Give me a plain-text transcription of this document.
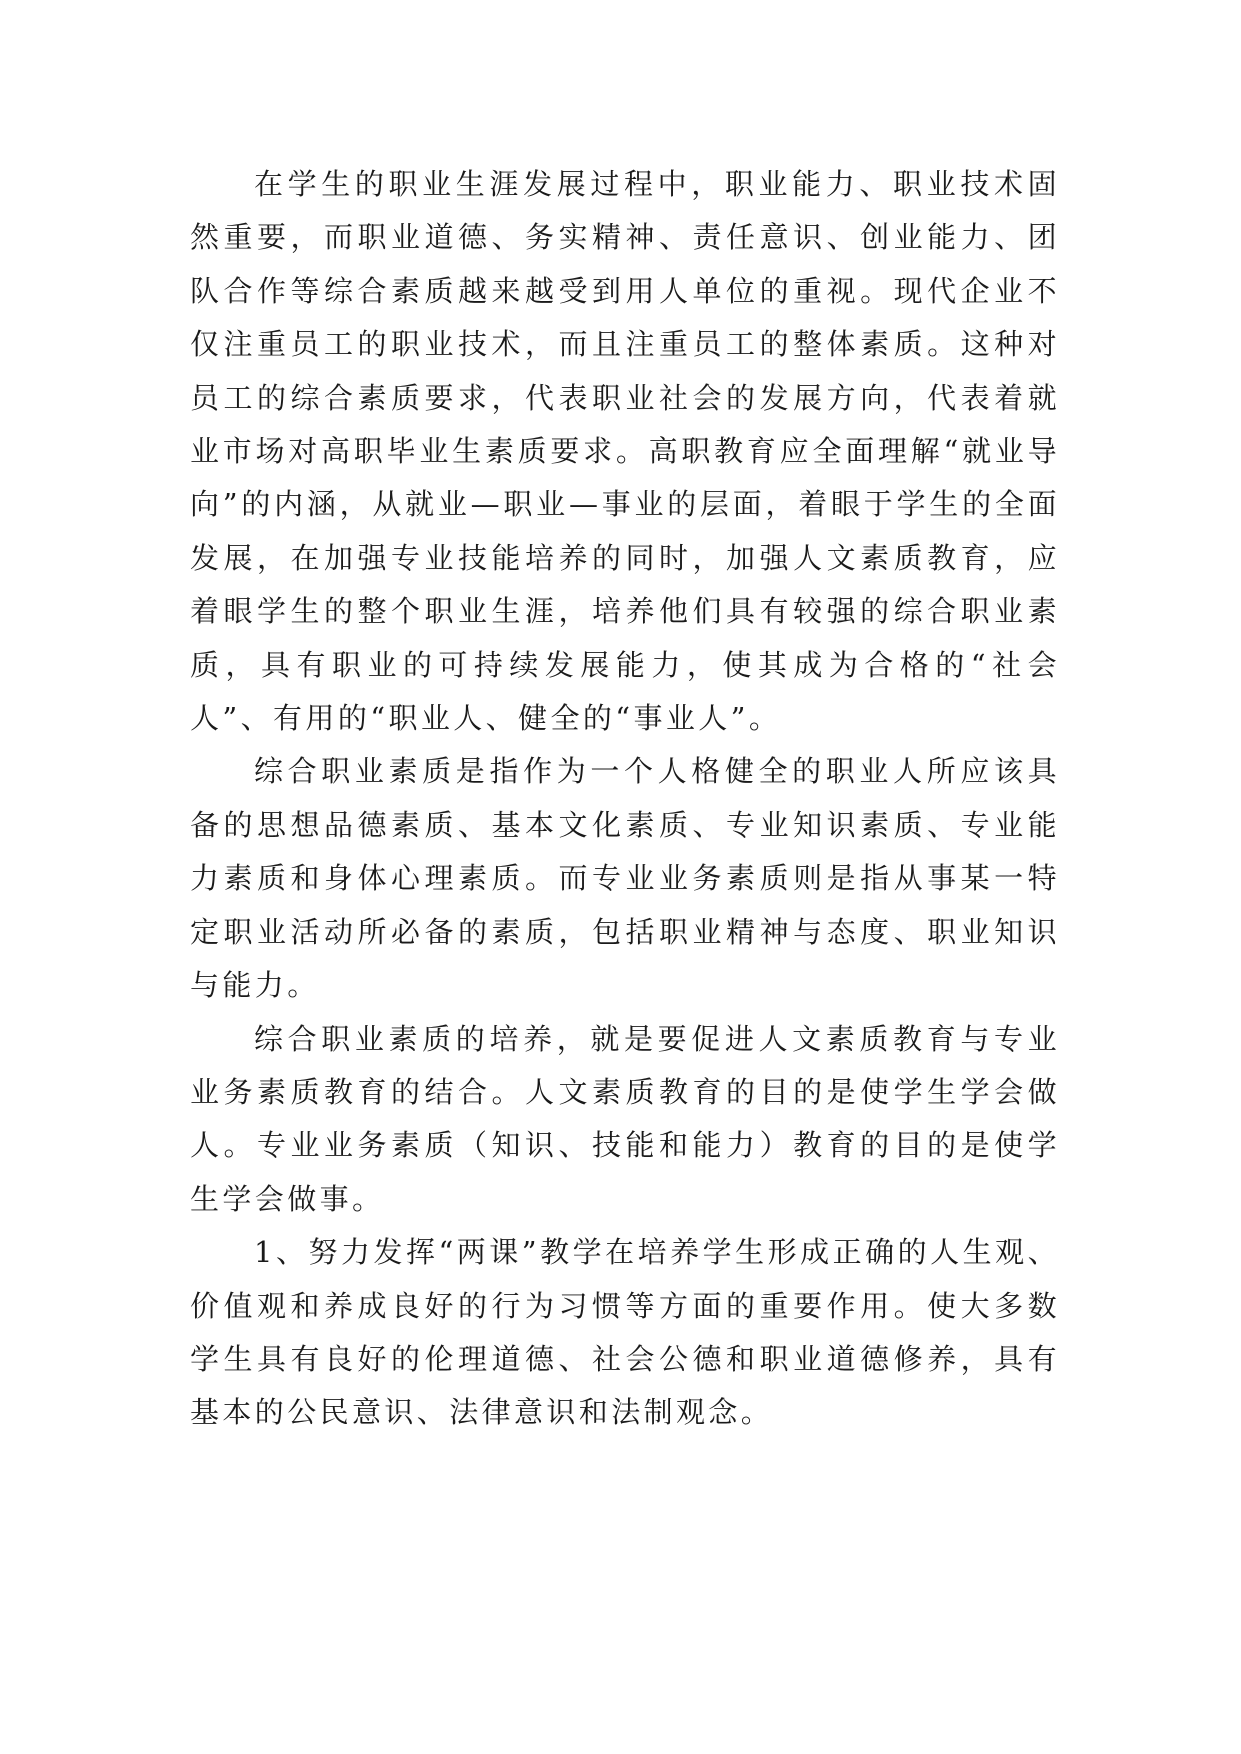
在学生的职业生涯发展过程中，职业能力、职业技术固然重要，而职业道德、务实精神、责任意识、创业能力、团队合作等综合素质越来越受到用人单位的重视。现代企业不仅注重员工的职业技术，而且注重员工的整体素质。这种对员工的综合素质要求，代表职业社会的发展方向，代表着就业市场对高职毕业生素质要求。高职教育应全面理解“就业导向”的内涵，从就业—职业—事业的层面，着眼于学生的全面发展，在加强专业技能培养的同时，加强人文素质教育，应着眼学生的整个职业生涯，培养他们具有较强的综合职业素质，具有职业的可持续发展能力，使其成为合格的“社会人”、有用的“职业人、健全的“事业人”。

综合职业素质是指作为一个人格健全的职业人所应该具备的思想品德素质、基本文化素质、专业知识素质、专业能力素质和身体心理素质。而专业业务素质则是指从事某一特定职业活动所必备的素质，包括职业精神与态度、职业知识与能力。

综合职业素质的培养，就是要促进人文素质教育与专业业务素质教育的结合。人文素质教育的目的是使学生学会做人。专业业务素质（知识、技能和能力）教育的目的是使学生学会做事。

1、努力发挥“两课”教学在培养学生形成正确的人生观、价值观和养成良好的行为习惯等方面的重要作用。使大多数学生具有良好的伦理道德、社会公德和职业道德修养，具有基本的公民意识、法律意识和法制观念。
